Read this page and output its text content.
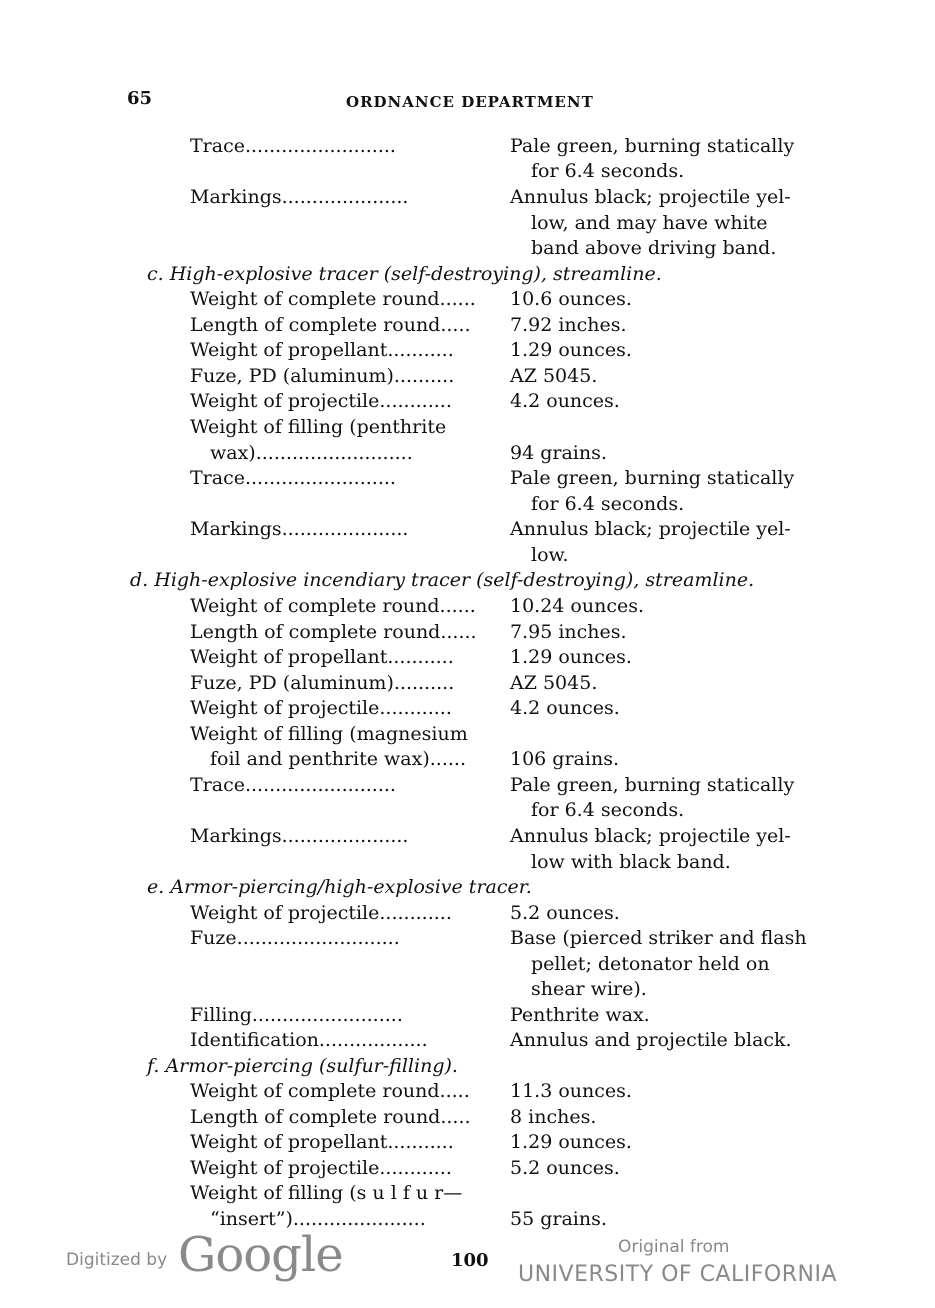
65	ORDNANCE DEPARTMENT
Trace.........................	Pale green, burning statically
for 6.4 seconds.
Markings.....................	Annulus black; projectile yel-
low, and may have white
band above driving band.
c. High-explosive tracer (self-destroying), streamline.
Weight of complete round...... 10.6 ounces.
Length of complete round..... 7.92 inches.
Weight of propellant...........	1.29 ounces.
Fuze, PD (aluminum)..........	AZ 5045.
Weight of projectile............	4.2 ounces.
Weight of filling (penthrite
wax)..........................	94 grains.
Trace.........................	Pale green, burning statically
for 6.4 seconds.
Markings.....................	Annulus black; projectile yel-
low.
d. High-explosive incendiary tracer (self-destroying), streamline.
Weight of complete round...... 10.24 ounces.
Length of complete round...... 7.95 inches.
Weight of propellant...........	1.29 ounces.
Fuze, PD (aluminum)..........	AZ 5045.
Weight of projectile............	4.2 ounces.
Weight of filling (magnesium
foil and penthrite wax)...... 106 grains.
Trace.........................	Pale green, burning statically
for 6.4 seconds.
Markings.....................	Annulus black; projectile yel-
low with black band.
e. Armor-piercing/high-explosive tracer.
Weight of projectile............	5.2 ounces.
Fuze...........................	Base (pierced striker and flash
pellet; detonator held on
shear wire).
Filling.........................	Penthrite wax.
Identification..................	Annulus and projectile black.
f. Armor-piercing (sulfur-filling).
Weight of complete round..... 11.3 ounces.
Length of complete round..... 8 inches.
Weight of propellant...........	1.29 ounces.
Weight of projectile............	5.2 ounces.
Weight of filling (s u l f u r—
“insert”)......................	55 grains.
Digitized by Google	100
Original from
UNIVERSITY OF CALIFORNIA
